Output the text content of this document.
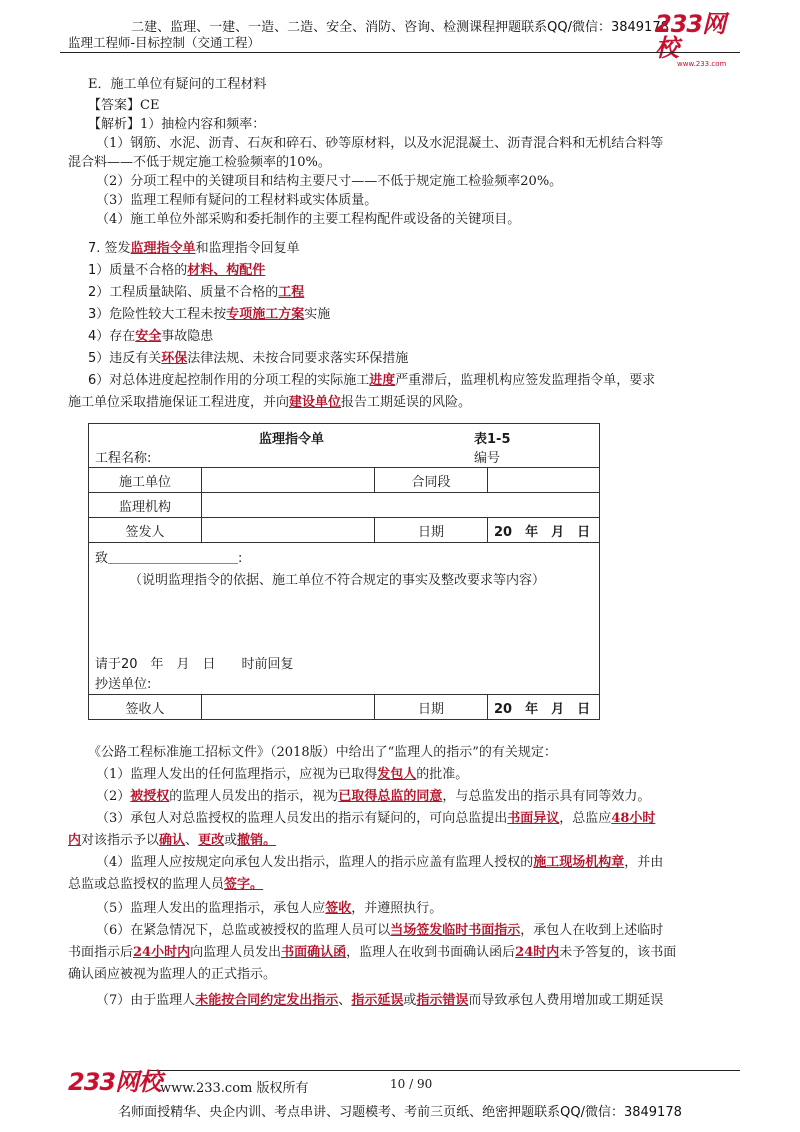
二建、监理、一建、一造、二造、安全、消防、咨询、检测课程押题联系QQ/微信：3849178
监理工程师-目标控制（交通工程）
233网校
www.233.com
E．施工单位有疑问的工程材料
【答案】CE
【解析】1）抽检内容和频率：
（1）钢筋、水泥、沥青、石灰和碎石、砂等原材料，以及水泥混凝土、沥青混合料和无机结合料等
混合料——不低于规定施工检验频率的10%。
（2）分项工程中的关键项目和结构主要尺寸——不低于规定施工检验频率20%。
（3）监理工程师有疑问的工程材料或实体质量。
（4）施工单位外部采购和委托制作的主要工程构配件或设备的关键项目。
7. 签发监理指令单和监理指令回复单
1）质量不合格的材料、构配件
2）工程质量缺陷、质量不合格的工程
3）危险性较大工程未按专项施工方案实施
4）存在安全事故隐患
5）违反有关环保法律法规、未按合同要求落实环保措施
6）对总体进度起控制作用的分项工程的实际施工进度严重滞后，监理机构应签发监理指令单，要求
施工单位采取措施保证工程进度，并向建设单位报告工期延误的风险。
监理指令单 表1-5
工程名称: 编号			

施工单位		合同段	
监理机构			
签发人		日期	20　年　月　日

致＿＿＿＿＿＿＿＿＿＿:
（说明监理指令的依据、施工单位不符合规定的事实及整改要求等内容）
请于20　年　月　日　　时前回复
抄送单位:			

签收人		日期	20　年　月　日
《公路工程标准施工招标文件》（2018版）中给出了“监理人的指示”的有关规定：
（1）监理人发出的任何监理指示，应视为已取得发包人的批准。
（2）被授权的监理人员发出的指示，视为已取得总监的同意，与总监发出的指示具有同等效力。
（3）承包人对总监授权的监理人员发出的指示有疑问的，可向总监提出书面异议，总监应48小时
内对该指示予以确认、更改或撤销。
（4）监理人应按规定向承包人发出指示，监理人的指示应盖有监理人授权的施工现场机构章，并由
总监或总监授权的监理人员签字。
（5）监理人发出的监理指示，承包人应签收，并遵照执行。
（6）在紧急情况下，总监或被授权的监理人员可以当场签发临时书面指示，承包人在收到上述临时
书面指示后24小时内向监理人员发出书面确认函，监理人在收到书面确认函后24时内未予答复的，该书面
确认函应被视为监理人的正式指示。
（7）由于监理人未能按合同约定发出指示、指示延误或指示错误而导致承包人费用增加或工期延误
233网校
www.233.com 版权所有	10 / 90
名师面授精华、央企内训、考点串讲、习题模考、考前三页纸、绝密押题联系QQ/微信：3849178
